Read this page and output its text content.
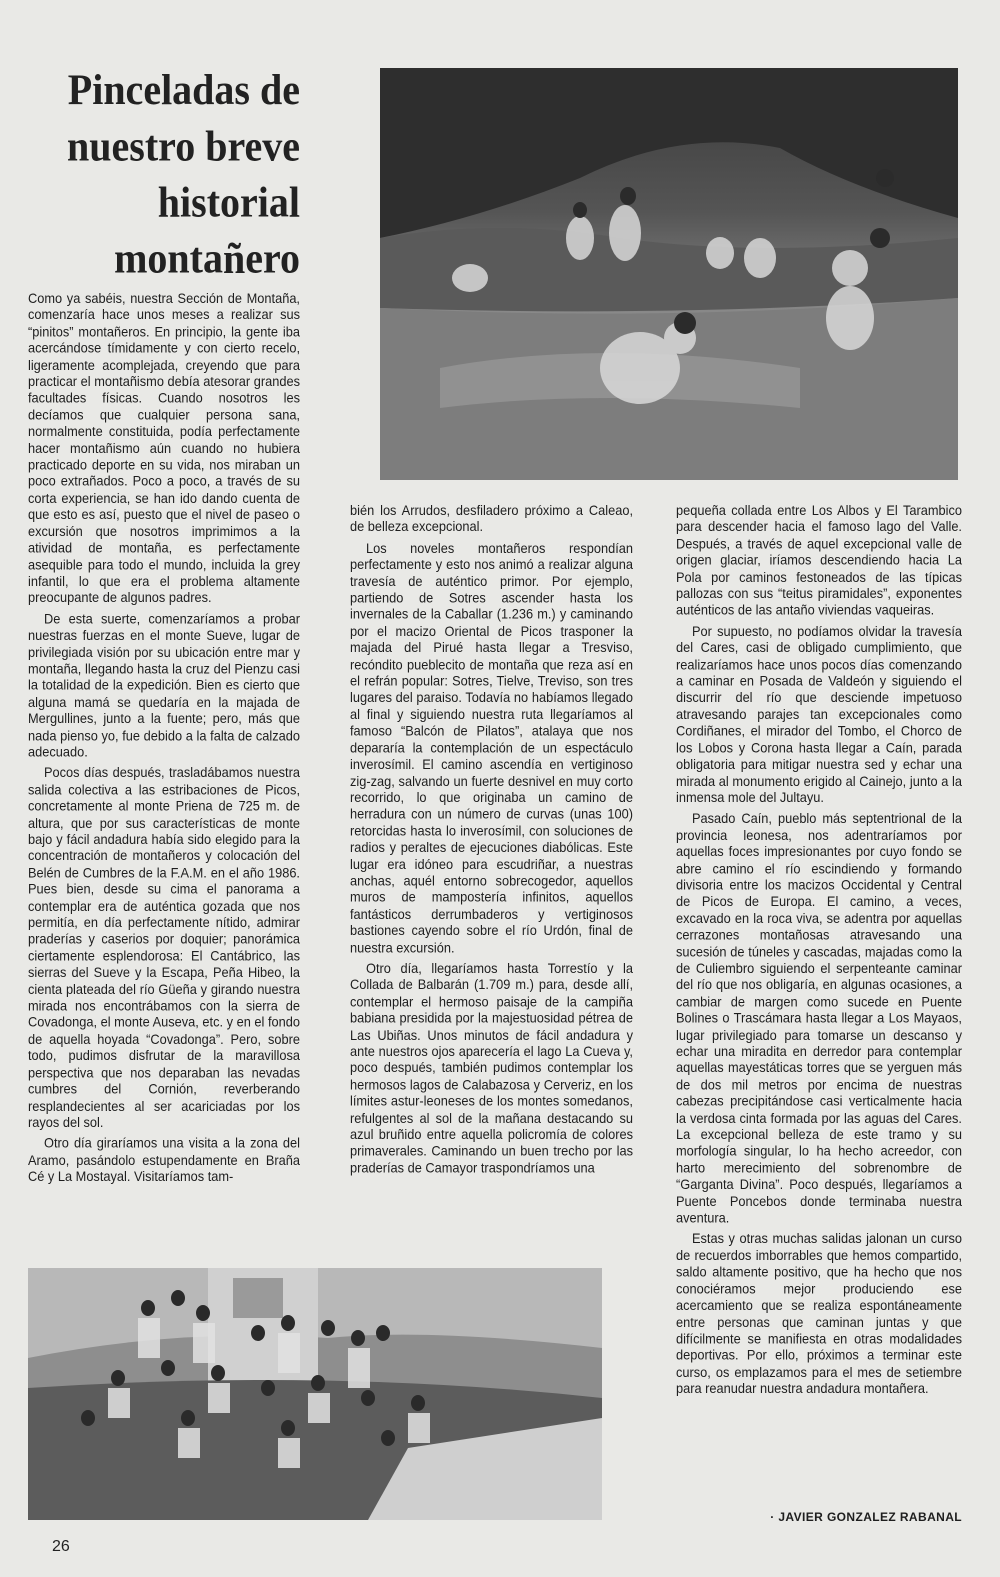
Pinceladas de nuestro breve historial montañero

Como ya sabéis, nuestra Sección de Montaña, comenzaría hace unos meses a realizar sus “pinitos” montañeros. En principio, la gente iba acercándose tímidamente y con cierto recelo, ligeramente acomplejada, creyendo que para practicar el montañismo debía atesorar grandes facultades físicas. Cuando nosotros les decíamos que cualquier persona sana, normalmente constituida, podía perfectamente hacer montañismo aún cuando no hubiera practicado deporte en su vida, nos miraban un poco extrañados. Poco a poco, a través de su corta experiencia, se han ido dando cuenta de que esto es así, puesto que el nivel de paseo o excursión que nosotros imprimimos a la atividad de montaña, es perfectamente asequible para todo el mundo, incluida la grey infantil, lo que era el problema altamente preocupante de algunos padres.

De esta suerte, comenzaríamos a probar nuestras fuerzas en el monte Sueve, lugar de privilegiada visión por su ubicación entre mar y montaña, llegando hasta la cruz del Pienzu casi la totalidad de la expedición. Bien es cierto que alguna mamá se quedaría en la majada de Mergullines, junto a la fuente; pero, más que nada pienso yo, fue debido a la falta de calzado adecuado.

Pocos días después, trasladábamos nuestra salida colectiva a las estribaciones de Picos, concretamente al monte Priena de 725 m. de altura, que por sus características de monte bajo y fácil andadura había sido elegido para la concentración de montañeros y colocación del Belén de Cumbres de la F.A.M. en el año 1986. Pues bien, desde su cima el panorama a contemplar era de auténtica gozada que nos permitía, en día perfectamente nítido, admirar praderías y caserios por doquier; panorámica ciertamente esplendorosa: El Cantábrico, las sierras del Sueve y la Escapa, Peña Hibeo, la cienta plateada del río Güeña y girando nuestra mirada nos encontrábamos con la sierra de Covadonga, el monte Auseva, etc. y en el fondo de aquella hoyada “Covadonga”. Pero, sobre todo, pudimos disfrutar de la maravillosa perspectiva que nos deparaban las nevadas cumbres del Cornión, reverberando resplandecientes al ser acariciadas por los rayos del sol.

Otro día giraríamos una visita a la zona del Aramo, pasándolo estupendamente en Braña Cé y La Mostayal. Visitaríamos tam-

bién los Arrudos, desfiladero próximo a Caleao, de belleza excepcional.

Los noveles montañeros respondían perfectamente y esto nos animó a realizar alguna travesía de auténtico primor. Por ejemplo, partiendo de Sotres ascender hasta los invernales de la Caballar (1.236 m.) y caminando por el macizo Oriental de Picos trasponer la majada del Pirué hasta llegar a Tresviso, recóndito pueblecito de montaña que reza así en el refrán popular: Sotres, Tielve, Treviso, son tres lugares del paraiso. Todavía no habíamos llegado al final y siguiendo nuestra ruta llegaríamos al famoso “Balcón de Pilatos”, atalaya que nos depararía la contemplación de un espectáculo inverosímil. El camino ascendía en vertiginoso zig-zag, salvando un fuerte desnivel en muy corto recorrido, lo que originaba un camino de herradura con un número de curvas (unas 100) retorcidas hasta lo inverosímil, con soluciones de radios y peraltes de ejecuciones diabólicas. Este lugar era idóneo para escudriñar, a nuestras anchas, aquél entorno sobrecogedor, aquellos muros de mampostería infinitos, aquellos fantásticos derrumbaderos y vertiginosos bastiones cayendo sobre el río Urdón, final de nuestra excursión.

Otro día, llegaríamos hasta Torrestío y la Collada de Balbarán (1.709 m.) para, desde allí, contemplar el hermoso paisaje de la campiña babiana presidida por la majestuosidad pétrea de Las Ubiñas. Unos minutos de fácil andadura y ante nuestros ojos aparecería el lago La Cueva y, poco después, también pudimos contemplar los hermosos lagos de Calabazosa y Cerveriz, en los límites astur-leoneses de los montes somedanos, refulgentes al sol de la mañana destacando su azul bruñido entre aquella policromía de colores primaverales. Caminando un buen trecho por las praderías de Camayor traspondríamos una

pequeña collada entre Los Albos y El Tarambico para descender hacia el famoso lago del Valle. Después, a través de aquel excepcional valle de origen glaciar, iríamos descendiendo hacia La Pola por caminos festoneados de las típicas pallozas con sus “teitus piramidales”, exponentes auténticos de las antaño viviendas vaqueiras.

Por supuesto, no podíamos olvidar la travesía del Cares, casi de obligado cumplimiento, que realizaríamos hace unos pocos días comenzando a caminar en Posada de Valdeón y siguiendo el discurrir del río que desciende impetuoso atravesando parajes tan excepcionales como Cordiñanes, el mirador del Tombo, el Chorco de los Lobos y Corona hasta llegar a Caín, parada obligatoria para mitigar nuestra sed y echar una mirada al monumento erigido al Cainejo, junto a la inmensa mole del Jultayu.

Pasado Caín, pueblo más septentrional de la provincia leonesa, nos adentraríamos por aquellas foces impresionantes por cuyo fondo se abre camino el río escindiendo y formando divisoria entre los macizos Occidental y Central de Picos de Europa. El camino, a veces, excavado en la roca viva, se adentra por aquellas cerrazones montañosas atravesando una sucesión de túneles y cascadas, majadas como la de Culiembro siguiendo el serpenteante caminar del río que nos obligaría, en algunas ocasiones, a cambiar de margen como sucede en Puente Bolines o Trascámara hasta llegar a Los Mayaos, lugar privilegiado para tomarse un descanso y echar una miradita en derredor para contemplar aquellas mayestáticas torres que se yerguen más de dos mil metros por encima de nuestras cabezas precipitándose casi verticalmente hacia la verdosa cinta formada por las aguas del Cares. La excepcional belleza de este tramo y su morfología singular, lo ha hecho acreedor, con harto merecimiento del sobrenombre de “Garganta Divina”. Poco después, llegaríamos a Puente Poncebos donde terminaba nuestra aventura.

Estas y otras muchas salidas jalonan un curso de recuerdos imborrables que hemos compartido, saldo altamente positivo, que ha hecho que nos conociéramos mejor produciendo ese acercamiento que se realiza espontáneamente entre personas que caminan juntas y que difícilmente se manifiesta en otras modalidades deportivas. Por ello, próximos a terminar este curso, os emplazamos para el mes de setiembre para reanudar nuestra andadura montañera.

· JAVIER GONZALEZ RABANAL
26
